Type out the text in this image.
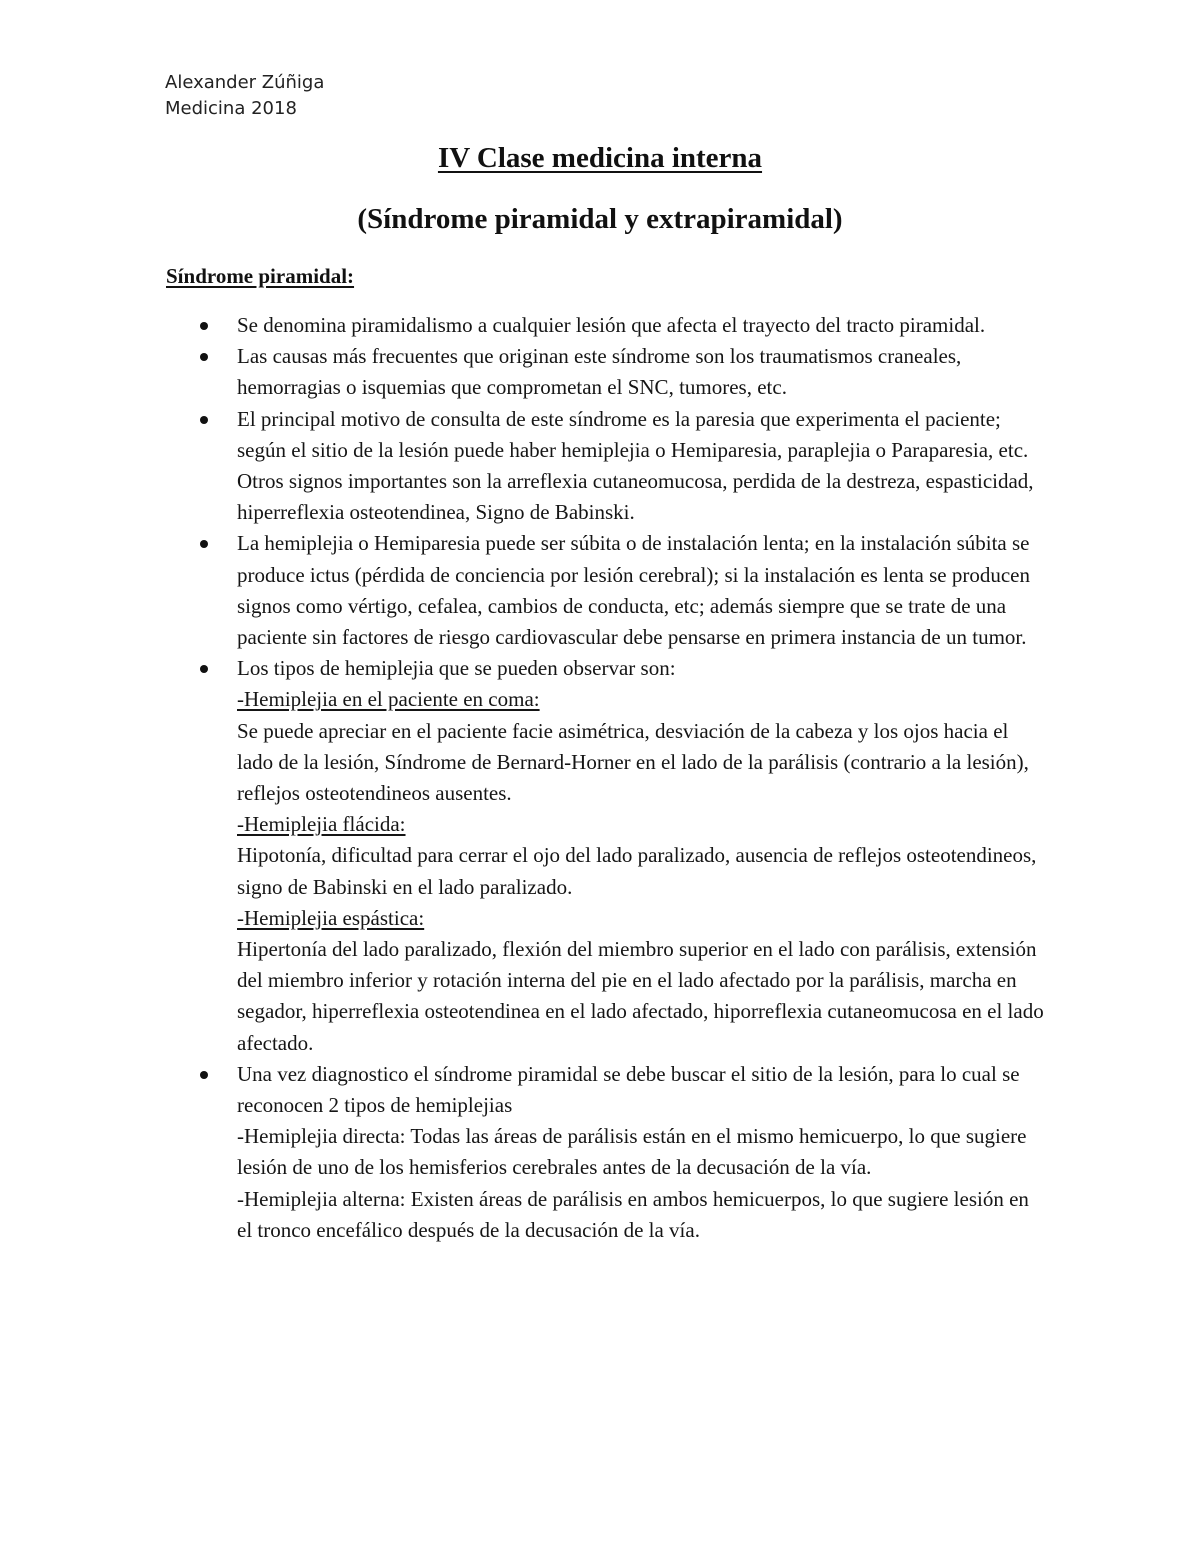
Alexander Zúñiga
Medicina 2018
IV Clase medicina interna
(Síndrome piramidal y extrapiramidal)
Síndrome piramidal:
Se denomina piramidalismo a cualquier lesión que afecta el trayecto del tracto piramidal.
Las causas más frecuentes que originan este síndrome son los traumatismos craneales, hemorragias o isquemias que comprometan el SNC, tumores, etc.
El principal motivo de consulta de este síndrome es la paresia que experimenta el paciente; según el sitio de la lesión puede haber hemiplejia o Hemiparesia, paraplejia o Paraparesia, etc. Otros signos importantes son la arreflexia cutaneomucosa, perdida de la destreza, espasticidad, hiperreflexia osteotendinea, Signo de Babinski.
La hemiplejia o Hemiparesia puede ser súbita o de instalación lenta; en la instalación súbita se produce ictus (pérdida de conciencia por lesión cerebral); si la instalación es lenta se producen signos como vértigo, cefalea, cambios de conducta, etc; además siempre que se trate de una paciente sin factores de riesgo cardiovascular debe pensarse en primera instancia de un tumor.
Los tipos de hemiplejia que se pueden observar son:
-Hemiplejia en el paciente en coma:
Se puede apreciar en el paciente facie asimétrica, desviación de la cabeza y los ojos hacia el lado de la lesión, Síndrome de Bernard-Horner en el lado de la parálisis (contrario a la lesión), reflejos osteotendineos ausentes.
-Hemiplejia flácida:
Hipotonía, dificultad para cerrar el ojo del lado paralizado, ausencia de reflejos osteotendineos, signo de Babinski en el lado paralizado.
-Hemiplejia espástica:
Hipertonía del lado paralizado, flexión del miembro superior en el lado con parálisis, extensión del miembro inferior y rotación interna del pie en el lado afectado por la parálisis, marcha en segador, hiperreflexia osteotendinea en el lado afectado, hiporreflexia cutaneomucosa en el lado afectado.
Una vez diagnostico el síndrome piramidal se debe buscar el sitio de la lesión, para lo cual se reconocen 2 tipos de hemiplejias
-Hemiplejia directa: Todas las áreas de parálisis están en el mismo hemicuerpo, lo que sugiere lesión de uno de los hemisferios cerebrales antes de la decusación de la vía.
-Hemiplejia alterna: Existen áreas de parálisis en ambos hemicuerpos, lo que sugiere lesión en el tronco encefálico después de la decusación de la vía.
